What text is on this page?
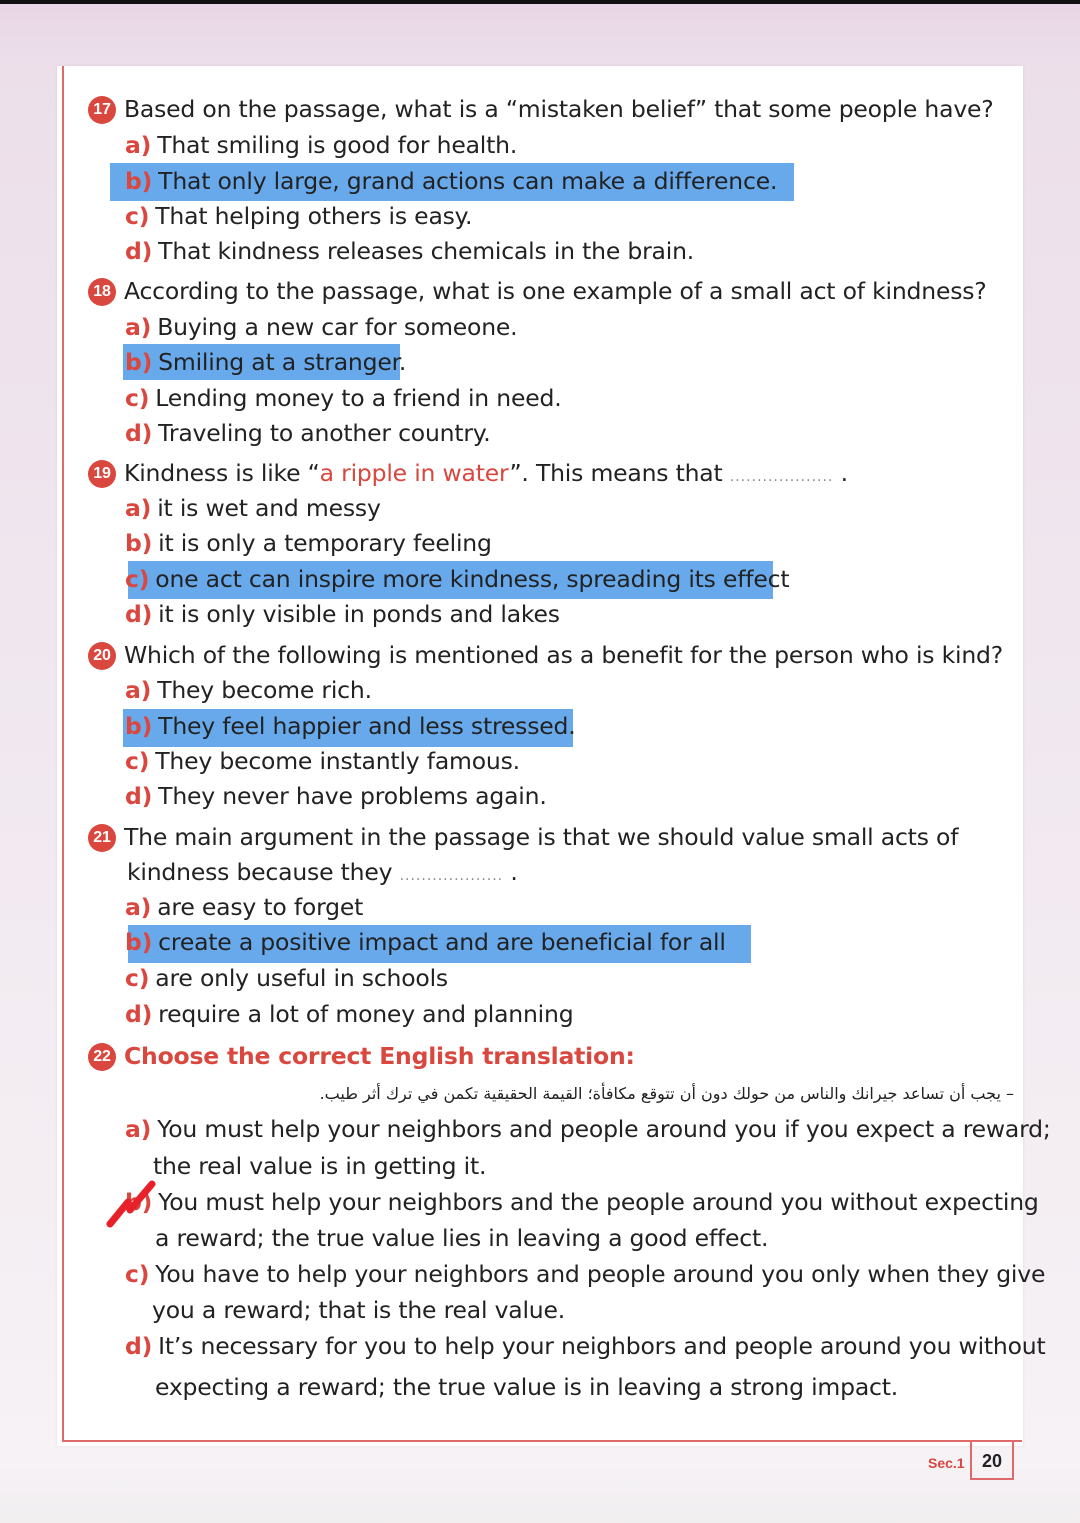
17 Based on the passage, what is a “mistaken belief” that some people have?
a) That smiling is good for health.
b) That only large, grand actions can make a difference.
c) That helping others is easy.
d) That kindness releases chemicals in the brain.
18 According to the passage, what is one example of a small act of kindness?
a) Buying a new car for someone.
b) Smiling at a stranger.
c) Lending money to a friend in need.
d) Traveling to another country.
19 Kindness is like “a ripple in water”. This means that ................... .
a) it is wet and messy
b) it is only a temporary feeling
c) one act can inspire more kindness, spreading its effect
d) it is only visible in ponds and lakes
20 Which of the following is mentioned as a benefit for the person who is kind?
a) They become rich.
b) They feel happier and less stressed.
c) They become instantly famous.
d) They never have problems again.
21 The main argument in the passage is that we should value small acts of
kindness because they ................... .
a) are easy to forget
b) create a positive impact and are beneficial for all
c) are only useful in schools
d) require a lot of money and planning
22 Choose the correct English translation:
– يجب أن تساعد جيرانك والناس من حولك دون أن تتوقع مكافأة؛ القيمة الحقيقية تكمن في ترك أثر طيب.
a) You must help your neighbors and people around you if you expect a reward;
the real value is in getting it.
b) You must help your neighbors and the people around you without expecting
a reward; the true value lies in leaving a good effect.
c) You have to help your neighbors and people around you only when they give
you a reward; that is the real value.
d) It’s necessary for you to help your neighbors and people around you without
expecting a reward; the true value is in leaving a strong impact.
Sec.1 20
